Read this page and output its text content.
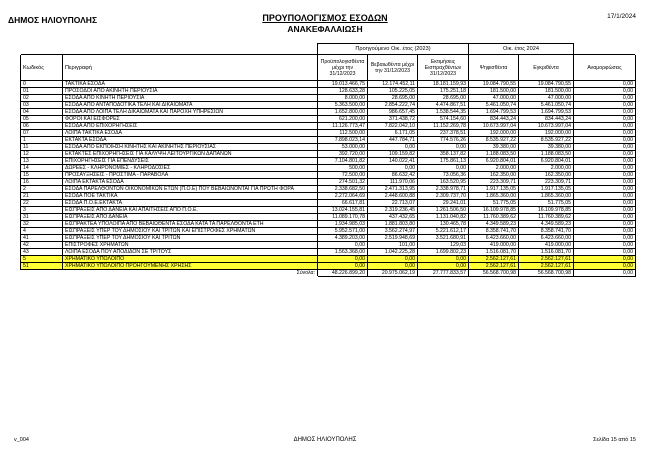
ΔΗΜΟΣ ΗΛΙΟΥΠΟΛΗΣ	ΠΡΟΥΠΟΛΟΓΙΣΜΟΣ ΕΣΟΔΩΝ
ΑΝΑΚΕΦΑΛΑΙΩΣΗ
17/1/2024
		Προηγούμενο Οικ. έτος (2023)			Οικ. έτος 2024		
Κωδικός	Περιγραφή	Προϋπολογισθέντα μέχρι την 31/12/2023	Βεβαιωθέντα μέχρι την 31/12/2023	Εκτιμήσεις Εισπραχθέντων 31/12/2023	Ψηφισθέντα	Εγκριθέντα	Αναμορφώσεις
0	ΤΑΚΤΙΚΑ ΕΣΟΔΑ	19.013.466,75	12.174.452,11	18.181.159,93	19.084.790,55	19.084.790,55	0,00
01	ΠΡΟΣΟΔΟΙ ΑΠΟ ΑΚΙΝΗΤΗ ΠΕΡΙΟΥΣΙΑ	128.633,28	105.225,05	175.251,18	181.500,00	181.500,00	0,00
02	ΕΣΟΔΑ ΑΠΟ ΚΙΝΗΤΗ ΠΕΡΙΟΥΣΙΑ	8.000,00	28.695,00	28.695,00	47.000,00	47.000,00	0,00
03	ΕΣΟΔΑ ΑΠΟ ΑΝΤΑΠΟΔΟΤΙΚΑ ΤΕΛΗ ΚΑΙ ΔΙΚΑΙΩΜΑΤΑ	5.363.500,00	2.854.222,74	4.474.867,51	5.461.050,74	5.461.050,74	0,00
04	ΕΣΟΔΑ ΑΠΟ ΛΟΙΠΑ ΤΕΛΗ ΔΙΚΑΙΩΜΑΤΑ ΚΑΙ ΠΑΡΟΧΗ ΥΠΗΡΕΣΙΩΝ	1.652.800,00	986.657,45	1.538.544,35	1.694.799,53	1.694.799,53	0,00
05	ΦΟΡΟΙ ΚΑΙ ΕΙΣΦΟΡΕΣ	621.200,00	371.438,72	574.154,60	834.443,24	834.443,24	0,00
06	ΕΣΟΔΑ ΑΠΟ ΕΠΙΧΟΡΗΓΗΣΕΙΣ	11.126.773,47	7.822.042,10	11.152.269,78	10.673.997,04	10.673.997,04	0,00
07	ΛΟΙΠΑ ΤΑΚΤΙΚΑ ΕΣΟΔΑ	112.500,00	6.171,05	237.378,51	192.000,00	192.000,00	0,00
1	ΕΚΤΑΚΤΑ ΕΣΟΔΑ	7.898.023,14	447.784,71	774.576,26	8.535.927,22	8.535.927,22	0,00
11	ΕΣΟΔΑ ΑΠΟ ΕΚΠΟΙΗΣΗ ΚΙΝΗΤΗΣ ΚΑΙ ΑΚΙΝΗΤΗΣ ΠΕΡΙΟΥΣΙΑΣ	53.000,00	0,00	0,00	39.380,00	39.380,00	0,00
12	ΕΚΤΑΚΤΕΣ ΕΠΙΧΟΡΗΓΗΣΕΙΣ ΓΙΑ ΚΑΛΥΨΗ ΛΕΙΤΟΥΡΓΙΚΩΝ ΔΑΠΑΝΩΝ	392.720,00	109.159,82	358.137,82	1.188.083,50	1.188.083,50	0,00
13	ΕΠΙΧΟΡΗΓΗΣΕΙΣ ΓΙΑ ΕΠΕΝΔΥΣΕΙΣ	7.104.801,82	140.022,41	175.861,13	6.920.804,01	6.920.804,01	0,00
14	ΔΩΡΕΕΣ - ΚΛΗΡΟΝΟΜΙΕΣ - ΚΛΗΡΟΔΟΣΙΕΣ	500,00	0,00	0,00	2.000,00	2.000,00	0,00
15	ΠΡΟΣΑΥΞΗΣΕΙΣ - ΠΡΟΣΤΙΜΑ - ΠΑΡΑΒΟΛΑ	72.500,00	86.632,42	73.056,36	162.350,00	162.350,00	0,00
16	ΛΟΙΠΑ ΕΚΤΑΚΤΑ ΕΣΟΔΑ	274.501,32	111.970,06	163.520,95	223.309,71	223.309,71	0,00
2	ΕΣΟΔΑ ΠΑΡΕΛΘΟΝΤΩΝ ΟΙΚΟΝΟΜΙΚΩΝ ΕΤΩΝ (Π.Ο.Ε) ΠΟΥ ΒΕΒΑΙΩΝΟΝΤΑΙ ΓΙΑ ΠΡΩΤΗ ΦΟΡΑ	2.338.682,50	2.471.313,95	2.338.978,71	1.917.135,05	1.917.135,05	0,00
21	ΕΣΟΔΑ ΠΟΕ ΤΑΚΤΙΚΑ	2.272.064,69	2.448.600,88	2.309.737,70	1.865.360,00	1.865.360,00	0,00
22	ΕΣΟΔΑ Π.Ο.Ε.ΕΚΤΑΚΤΑ	66.617,81	22.713,07	29.241,01	51.775,05	51.775,05	0,00
3	ΕΙΣΠΡΑΞΕΙΣ ΑΠΟ ΔΑΝΕΙΑ ΚΑΙ ΑΠΑΙΤΗΣΕΙΣ ΑΠΟ Π.Ο.Ε.	13.024.155,81	2.319.236,45	1.261.506,50	16.109.978,85	16.109.978,85	0,00
31	ΕΙΣΠΡΑΞΕΙΣ ΑΠΟ ΔΑΝΕΙΑ	11.089.170,78	437.432,65	1.131.040,82	11.760.389,62	11.760.389,62	0,00
32	ΕΙΣΠΡΑΚΤΕΑ ΥΠΟΛΟΙΠΑ ΑΠΟ ΒΕΒΑΙΩΘΕΝΤΑ ΕΣΟΔΑ ΚΑΤΑ ΤΑ ΠΑΡΕΛΘΟΝΤΑ ΕΤΗ	1.934.985,03	1.881.803,80	130.465,78	4.349.589,23	4.349.589,23	0,00
4	ΕΙΣΠΡΑΞΕΙΣ ΥΠΕΡ ΤΟΥ ΔΗΜΟΣΙΟΥ ΚΑΙ ΤΡΙΤΩΝ ΚΑΙ ΕΠΙΣΤΡΟΦΕΣ ΧΡΗΜΑΤΩΝ	5.952.571,00	3.562.274,97	5.221.612,17	8.358.741,70	8.358.741,70	0,00
41	ΕΙΣΠΡΑΞΕΙΣ ΥΠΕΡ ΤΟΥ ΔΗΜΟΣΙΟΥ ΚΑΙ ΤΡΙΤΩΝ	4.389.203,00	2.519.948,69	3.521.680,91	6.423.660,00	6.423.660,00	0,00
42	ΕΠΙΣΤΡΟΦΕΣ ΧΡΗΜΑΤΩΝ	0,00	101,00	129,03	419.000,00	419.000,00	0,00
43	ΛΟΙΠΑ ΕΣΟΔΑ ΠΟΥ ΑΠΟΔΙΔΟΝ ΣΕ ΤΡΙΤΟΥΣ	1.563.368,00	1.042.225,28	1.699.802,23	1.516.081,70	1.516.081,70	0,00
5	ΧΡΗΜΑΤΙΚΟ ΥΠΟΛΟΙΠΟ	0,00	0,00	0,00	2.562.127,61	2.562.127,61	0,00
51	ΧΡΗΜΑΤΙΚΟ ΥΠΟΛΟΙΠΟ ΠΡΟΗΓΟΥΜΕΝΗΣ ΧΡΗΣΗΣ	0,00	0,00	0,00	2.562.127,61	2.562.127,61	0,00
Σύνολα:		48.226.899,20	20.975.062,19	27.777.833,57	56.568.700,98	56.568.700,98	0,00
v_004	ΔΗΜΟΣ ΗΛΙΟΥΠΟΛΗΣ	Σελίδα 15 από 15
